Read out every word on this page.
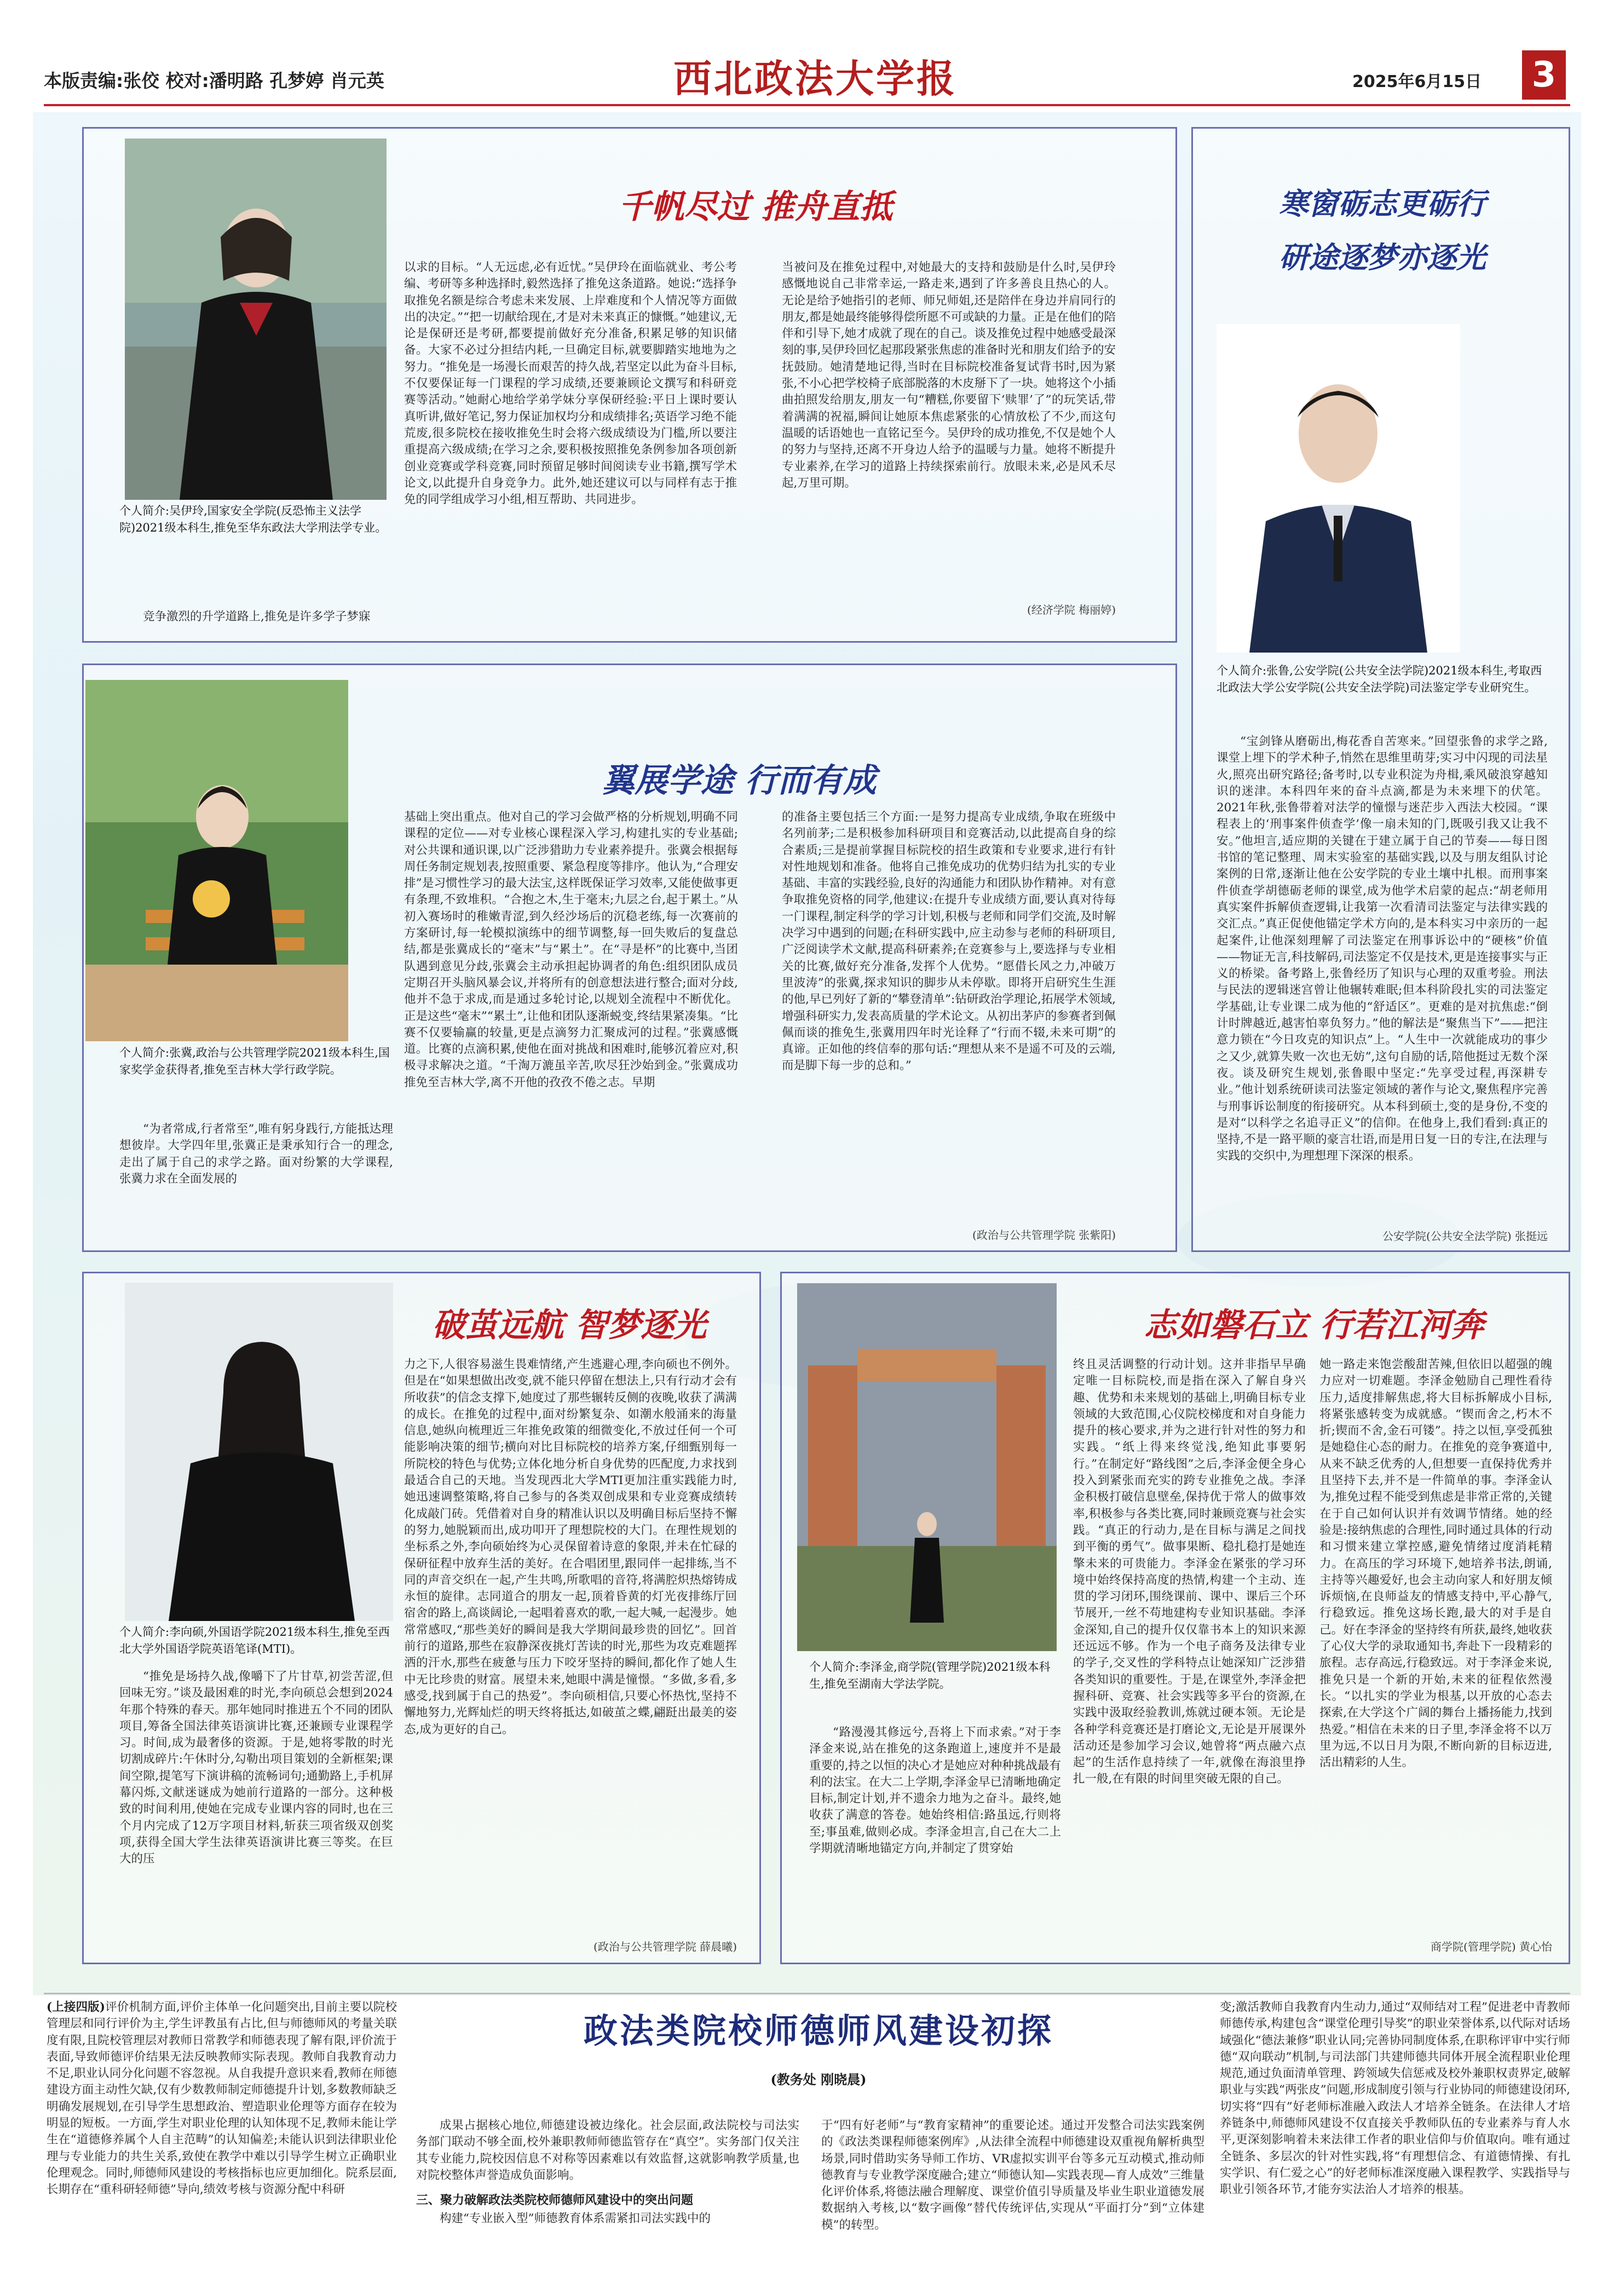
本版责编:张佼 校对:潘明路 孔梦婷 肖元英	西北政法大学报	2025年6月15日 3
千帆尽过 推舟直抵
个人简介:吴伊玲,国家安全学院(反恐怖主义法学院)2021级本科生,推免至华东政法大学刑法学专业。
竞争激烈的升学道路上,推免是许多学子梦寐
以求的目标。“人无远虑,必有近忧。”吴伊玲在面临就业、考公考编、考研等多种选择时,毅然选择了推免这条道路。她说:“选择争取推免名额是综合考虑未来发展、上岸难度和个人情况等方面做出的决定。”“把一切献给现在,才是对未来真正的慷慨。”她建议,无论是保研还是考研,都要提前做好充分准备,积累足够的知识储备。大家不必过分担结内耗,一旦确定目标,就要脚踏实地地为之努力。“推免是一场漫长而艰苦的持久战,若坚定以此为奋斗目标,不仅要保证每一门课程的学习成绩,还要兼顾论文撰写和科研竞赛等活动。”她耐心地给学弟学妹分享保研经验:平日上课时要认真听讲,做好笔记,努力保证加权均分和成绩排名;英语学习绝不能荒废,很多院校在接收推免生时会将六级成绩设为门槛,所以要注重提高六级成绩;在学习之余,要积极按照推免条例参加各项创新创业竞赛或学科竞赛,同时预留足够时间阅读专业书籍,撰写学术论文,以此提升自身竞争力。此外,她还建议可以与同样有志于推免的同学组成学习小组,相互帮助、共同进步。
当被问及在推免过程中,对她最大的支持和鼓励是什么时,吴伊玲感慨地说自己非常幸运,一路走来,遇到了许多善良且热心的人。无论是给予她指引的老师、师兄师姐,还是陪伴在身边并肩同行的朋友,都是她最终能够得偿所愿不可或缺的力量。正是在他们的陪伴和引导下,她才成就了现在的自己。谈及推免过程中她感受最深刻的事,吴伊玲回忆起那段紧张焦虑的准备时光和朋友们给予的安抚鼓励。她清楚地记得,当时在目标院校准备复试背书时,因为紧张,不小心把学校椅子底部脱落的木皮掰下了一块。她将这个小插曲拍照发给朋友,朋友一句“糟糕,你要留下‘赎罪’了”的玩笑话,带着满满的祝福,瞬间让她原本焦虑紧张的心情放松了不少,而这句温暖的话语她也一直铭记至今。吴伊玲的成功推免,不仅是她个人的努力与坚持,还离不开身边人给予的温暖与力量。她将不断提升专业素养,在学习的道路上持续探索前行。放眼未来,必是风禾尽起,万里可期。
(经济学院 梅丽婷)
寒窗砺志更砺行
研途逐梦亦逐光
个人简介:张鲁,公安学院(公共安全法学院)2021级本科生,考取西北政法大学公安学院(公共安全法学院)司法鉴定学专业研究生。
“宝剑锋从磨砺出,梅花香自苦寒来。”回望张鲁的求学之路,课堂上埋下的学术种子,悄然在思维里萌芽;实习中闪现的司法星火,照亮出研究路径;备考时,以专业积淀为舟楫,乘风破浪穿越知识的迷津。本科四年来的奋斗点滴,都是为未来埋下的伏笔。2021年秋,张鲁带着对法学的憧憬与迷茫步入西法大校园。“课程表上的‘刑事案件侦查学’像一扇未知的门,既吸引我又让我不安。”他坦言,适应期的关键在于建立属于自己的节奏——每日图书馆的笔记整理、周末实验室的基础实践,以及与朋友组队讨论案例的日常,逐渐让他在公安学院的专业土壤中扎根。而刑事案件侦查学胡德砺老师的课堂,成为他学术启蒙的起点:“胡老师用真实案件拆解侦查逻辑,让我第一次看清司法鉴定与法律实践的交汇点。”真正促使他锚定学术方向的,是本科实习中亲历的一起起案件,让他深刻理解了司法鉴定在刑事诉讼中的“硬核”价值——物证无言,科技解码,司法鉴定不仅是技术,更是连接事实与正义的桥梁。备考路上,张鲁经历了知识与心理的双重考验。刑法与民法的逻辑迷宫曾让他辗转难眠;但本科阶段扎实的司法鉴定学基础,让专业课二成为他的“舒适区”。更难的是对抗焦虑:“倒计时牌越近,越害怕辜负努力。”他的解法是“聚焦当下”——把注意力锁在“今日攻克的知识点”上。“人生中一次就能成功的事少之又少,就算失败一次也无妨”,这句自励的话,陪他挺过无数个深夜。谈及研究生规划,张鲁眼中坚定:“先享受过程,再深耕专业。”他计划系统研读司法鉴定领域的著作与论文,聚焦程序完善与刑事诉讼制度的衔接研究。从本科到硕士,变的是身份,不变的是对“以科学之名追寻正义”的信仰。在他身上,我们看到:真正的坚持,不是一路平顺的豪言壮语,而是用日复一日的专注,在法理与实践的交织中,为理想理下深深的根系。
公安学院(公共安全法学院) 张挺远
翼展学途 行而有成
个人简介:张冀,政治与公共管理学院2021级本科生,国家奖学金获得者,推免至吉林大学行政学院。
“为者常成,行者常至”,唯有躬身践行,方能抵达理想彼岸。大学四年里,张冀正是秉承知行合一的理念,走出了属于自己的求学之路。面对纷繁的大学课程,张冀力求在全面发展的
基础上突出重点。他对自己的学习会做严格的分析规划,明确不同课程的定位——对专业核心课程深入学习,构建扎实的专业基础;对公共课和通识课,以广泛涉猎助力专业素养提升。张冀会根据每周任务制定规划表,按照重要、紧急程度等排序。他认为,“合理安排”是习惯性学习的最大法宝,这样既保证学习效率,又能使做事更有条理,不致堆积。“合抱之木,生于毫末;九层之台,起于累土。”从初入赛场时的稚嫩青涩,到久经沙场后的沉稳老练,每一次赛前的方案研讨,每一轮模拟演练中的细节调整,每一回失败后的复盘总结,都是张冀成长的“毫末”与“累土”。在“寻是杯”的比赛中,当团队遇到意见分歧,张冀会主动承担起协调者的角色:组织团队成员定期召开头脑风暴会议,并将所有的创意想法进行整合;面对分歧,他并不急于求成,而是通过多轮讨论,以规划全流程中不断优化。正是这些“毫末”“累土”,让他和团队逐渐蜕变,终结果紧凑集。“比赛不仅要输赢的较量,更是点滴努力汇聚成河的过程。”张冀感慨道。比赛的点滴积累,使他在面对挑战和困难时,能够沉着应对,积极寻求解决之道。“千淘万漉虽辛苦,吹尽狂沙始到金。”张冀成功推免至吉林大学,离不开他的孜孜不倦之志。早期
的准备主要包括三个方面:一是努力提高专业成绩,争取在班级中名列前茅;二是积极参加科研项目和竞赛活动,以此提高自身的综合素质;三是提前掌握目标院校的招生政策和专业要求,进行有针对性地规划和准备。他将自己推免成功的优势归结为扎实的专业基础、丰富的实践经验,良好的沟通能力和团队协作精神。对有意争取推免资格的同学,他建议:在提升专业成绩方面,要认真对待每一门课程,制定科学的学习计划,积极与老师和同学们交流,及时解决学习中遇到的问题;在科研实践中,应主动参与老师的科研项目,广泛阅读学术文献,提高科研素养;在竞赛参与上,要选择与专业相关的比赛,做好充分准备,发挥个人优势。“愿借长风之力,冲破万里波涛”的张冀,探求知识的脚步从未停歇。即将开启研究生生涯的他,早已列好了新的“攀登清单”:钻研政治学理论,拓展学术领域,增强科研实力,发表高质量的学术论文。从初出茅庐的参赛者到佩佩而谈的推免生,张冀用四年时光诠释了“行而不辍,未来可期”的真谛。正如他的终信奉的那句话:“理想从来不是遥不可及的云端,而是脚下每一步的总和。”
(政治与公共管理学院 张紫阳)
破茧远航 智梦逐光
个人简介:李向硕,外国语学院2021级本科生,推免至西北大学外国语学院英语笔译(MTI)。
“推免是场持久战,像嚼下了片甘草,初尝苦涩,但回味无穷。”谈及最困难的时光,李向硕总会想到2024年那个特殊的春天。那年她同时推进五个不同的团队项目,筹备全国法律英语演讲比赛,还兼顾专业课程学习。时间,成为最奢侈的资源。于是,她将零散的时光切割成碎片:午休时分,勾勒出项目策划的全新框架;课间空隙,提笔写下演讲稿的流畅词句;通勤路上,手机屏幕闪烁,文献迷谜成为她前行道路的一部分。这种极致的时间利用,使她在完成专业课内容的同时,也在三个月内完成了12万字项目材料,斩获三项省级双创奖项,获得全国大学生法律英语演讲比赛三等奖。在巨大的压
力之下,人很容易滋生畏难情绪,产生逃避心理,李向硕也不例外。但是在“如果想做出改变,就不能只停留在想法上,只有行动才会有所收获”的信念支撑下,她度过了那些辗转反侧的夜晚,收获了满满的成长。在推免的过程中,面对纷繁复杂、如潮水般涌来的海量信息,她纵向梳理近三年推免政策的细微变化,不放过任何一个可能影响决策的细节;横向对比目标院校的培养方案,仔细甄别每一所院校的特色与优势;立体化地分析自身优势的匹配度,力求找到最适合自己的天地。当发现西北大学MTI更加注重实践能力时,她迅速调整策略,将自己参与的各类双创成果和专业竞赛成绩转化成敲门砖。凭借着对自身的精准认识以及明确目标后坚持不懈的努力,她脱颖而出,成功叩开了理想院校的大门。在理性规划的坐标系之外,李向硕始终为心灵保留着诗意的象限,并未在忙碌的保研征程中放弃生活的美好。在合唱团里,跟同伴一起排练,当不同的声音交织在一起,产生共鸣,所歌唱的音符,将满腔炽热熔铸成永恒的旋律。志同道合的朋友一起,顶着昏黄的灯光夜排练厅回宿舍的路上,高谈阔论,一起唱着喜欢的歌,一起大喊,一起漫步。她常常感叹,“那些美好的瞬间是我大学期间最珍贵的回忆”。回首前行的道路,那些在寂静深夜挑灯苦读的时光,那些为攻克难题挥洒的汗水,那些在疲惫与压力下咬牙坚持的瞬间,都化作了她人生中无比珍贵的财富。展望未来,她眼中满是憧憬。“多做,多看,多感受,找到属于自己的热爱”。李向硕相信,只要心怀热忱,坚持不懈地努力,光辉灿烂的明天终将抵达,如破茧之蝶,翩跹出最美的姿态,成为更好的自己。
(政治与公共管理学院 薛晨曦)
志如磐石立 行若江河奔
个人简介:李泽金,商学院(管理学院)2021级本科生,推免至湖南大学法学院。
“路漫漫其修远兮,吾将上下而求索。”对于李泽金来说,站在推免的这条跑道上,速度并不是最重要的,持之以恒的决心才是她应对种种挑战最有利的法宝。在大二上学期,李泽金早已清晰地确定目标,制定计划,并不遗余力地为之奋斗。最终,她收获了满意的答卷。她始终相信:路虽远,行则将至;事虽难,做则必成。李泽金坦言,自己在大二上学期就清晰地锚定方向,并制定了贯穿始
终且灵活调整的行动计划。这并非指早早确定唯一目标院校,而是指在深入了解自身兴趣、优势和未来规划的基础上,明确目标专业领域的大致范围,心仪院校梯度和对自身能力提升的核心要求,并为之进行针对性的努力和实践。“纸上得来终觉浅,绝知此事要躬行。”在制定好“路线图”之后,李泽金便全身心投入到紧张而充实的跨专业推免之战。李泽金积极打破信息壁垒,保持优于常人的做事效率,积极参与各类比赛,同时兼顾竞赛与社会实践。“真正的行动力,是在目标与满足之间找到平衡的勇气”。做事果断、稳扎稳打是她连擎未来的可贵能力。李泽金在紧张的学习环境中始终保持高度的热情,构建一个主动、连贯的学习闭环,围绕课前、课中、课后三个环节展开,一丝不苟地建构专业知识基础。李泽金深知,自己的提升仅仅靠书本上的知识来源还远远不够。作为一个电子商务及法律专业的学子,交叉性的学科特点让她深知广泛涉猎各类知识的重要性。于是,在课堂外,李泽金把握科研、竞赛、社会实践等多平台的资源,在实践中汲取经验教训,炼就过硬本领。无论是各种学科竞赛还是打磨论文,无论是开展课外活动还是参加学习会议,她曾将“两点融六点起”的生活作息持续了一年,就像在海浪里挣扎一般,在有限的时间里突破无限的自己。
她一路走来饱尝酸甜苦辣,但依旧以超强的魄力应对一切难题。李泽金勉励自己理性看待压力,适度排解焦虑,将大目标拆解成小目标,将紧张感转变为成就感。“锲而舍之,朽木不折;锲而不舍,金石可镂”。持之以恒,享受孤独是她稳住心态的耐力。在推免的竞争赛道中,从来不缺乏优秀的人,但想要一直保持优秀并且坚持下去,并不是一件简单的事。李泽金认为,推免过程不能受到焦虑是非常正常的,关键在于自己如何认识并有效调节情绪。她的经验是:接纳焦虑的合理性,同时通过具体的行动和习惯来建立掌控感,避免情绪过度消耗精力。在高压的学习环境下,她培养书法,朗诵,主持等兴趣爱好,也会主动向家人和好朋友倾诉烦恼,在良师益友的情感支持中,平心静气,行稳致远。推免这场长跑,最大的对手是自己。好在李泽金的坚持终有所获,最终,她收获了心仪大学的录取通知书,奔赴下一段精彩的旅程。志存高远,行稳致远。对于李泽金来说,推免只是一个新的开始,未来的征程依然漫长。“以扎实的学业为根基,以开放的心态去探索,在大学这个广阔的舞台上播扬能力,找到热爱。”相信在未来的日子里,李泽金将不以万里为远,不以日月为限,不断向新的目标迈进,活出精彩的人生。
商学院(管理学院) 黄心怡
(上接四版)评价机制方面,评价主体单一化问题突出,目前主要以院校管理层和同行评价为主,学生评教虽有占比,但与师德师风的考量关联度有限,且院校管理层对教师日常教学和师德表现了解有限,评价流于表面,导致师德评价结果无法反映教师实际表现。教师自我教育动力不足,职业认同分化问题不容忽视。从自我提升意识来看,教师在师德建设方面主动性欠缺,仅有少数教师制定师德提升计划,多数教师缺乏明确发展规划,在引导学生思想政治、塑造职业伦理等方面存在较为明显的短板。一方面,学生对职业伦理的认知体现不足,教师未能让学生在“道德修养属个人自主范畴”的认知偏差;未能认识到法律职业伦理与专业能力的共生关系,致使在教学中难以引导学生树立正确职业伦理观念。同时,师德师风建设的考核指标也应更加细化。院系层面,长期存在“重科研轻师德”导向,绩效考核与资源分配中科研
政法类院校师德师风建设初探
(教务处 刚晓晨)
成果占据核心地位,师德建设被边缘化。社会层面,政法院校与司法实务部门联动不够全面,校外兼职教师师德监管存在“真空”。实务部门仅关注其专业能力,院校因信息不对称等因素难以有效监督,这就影响教学质量,也对院校整体声誉造成负面影响。
三、聚力破解政法类院校师德师风建设中的突出问题
构建“专业嵌入型”师德教育体系需紧扣司法实践中的
于“四有好老师”与“教育家精神”的重要论述。通过开发整合司法实践案例的《政法类课程师德案例库》,从法律全流程中师德建设双重视角解析典型场景,同时借助实务导师工作坊、VR虚拟实训平台等多元互动模式,推动师德教育与专业教学深度融合;建立“师德认知—实践表现—育人成效”三维量化评价体系,将德法融合理解度、课堂价值引导质量及毕业生职业道德发展数据纳入考核,以“数字画像”替代传统评估,实现从“平面打分”到“立体建模”的转型。
变;激活教师自我教育内生动力,通过“双师结对工程”促进老中青教师师德传承,构建包含“课堂伦理引导奖”的职业荣誉体系,以代际对话场域强化“德法兼修”职业认同;完善协同制度体系,在职称评审中实行师德“双向联动”机制,与司法部门共建师德共同体开展全流程职业伦理规范,通过负面清单管理、跨领域失信惩戒及校外兼职权责界定,破解职业与实践“两张皮”问题,形成制度引领与行业协同的师德建设闭环,切实将“四有”好老师标准融入政法人才培养全链条。在法律人才培养链条中,师德师风建设不仅直接关乎教师队伍的专业素养与育人水平,更深刻影响着未来法律工作者的职业信仰与价值取向。唯有通过全链条、多层次的针对性实践,将“有理想信念、有道德情操、有扎实学识、有仁爱之心”的好老师标准深度融入课程教学、实践指导与职业引领各环节,才能夯实法治人才培养的根基。
